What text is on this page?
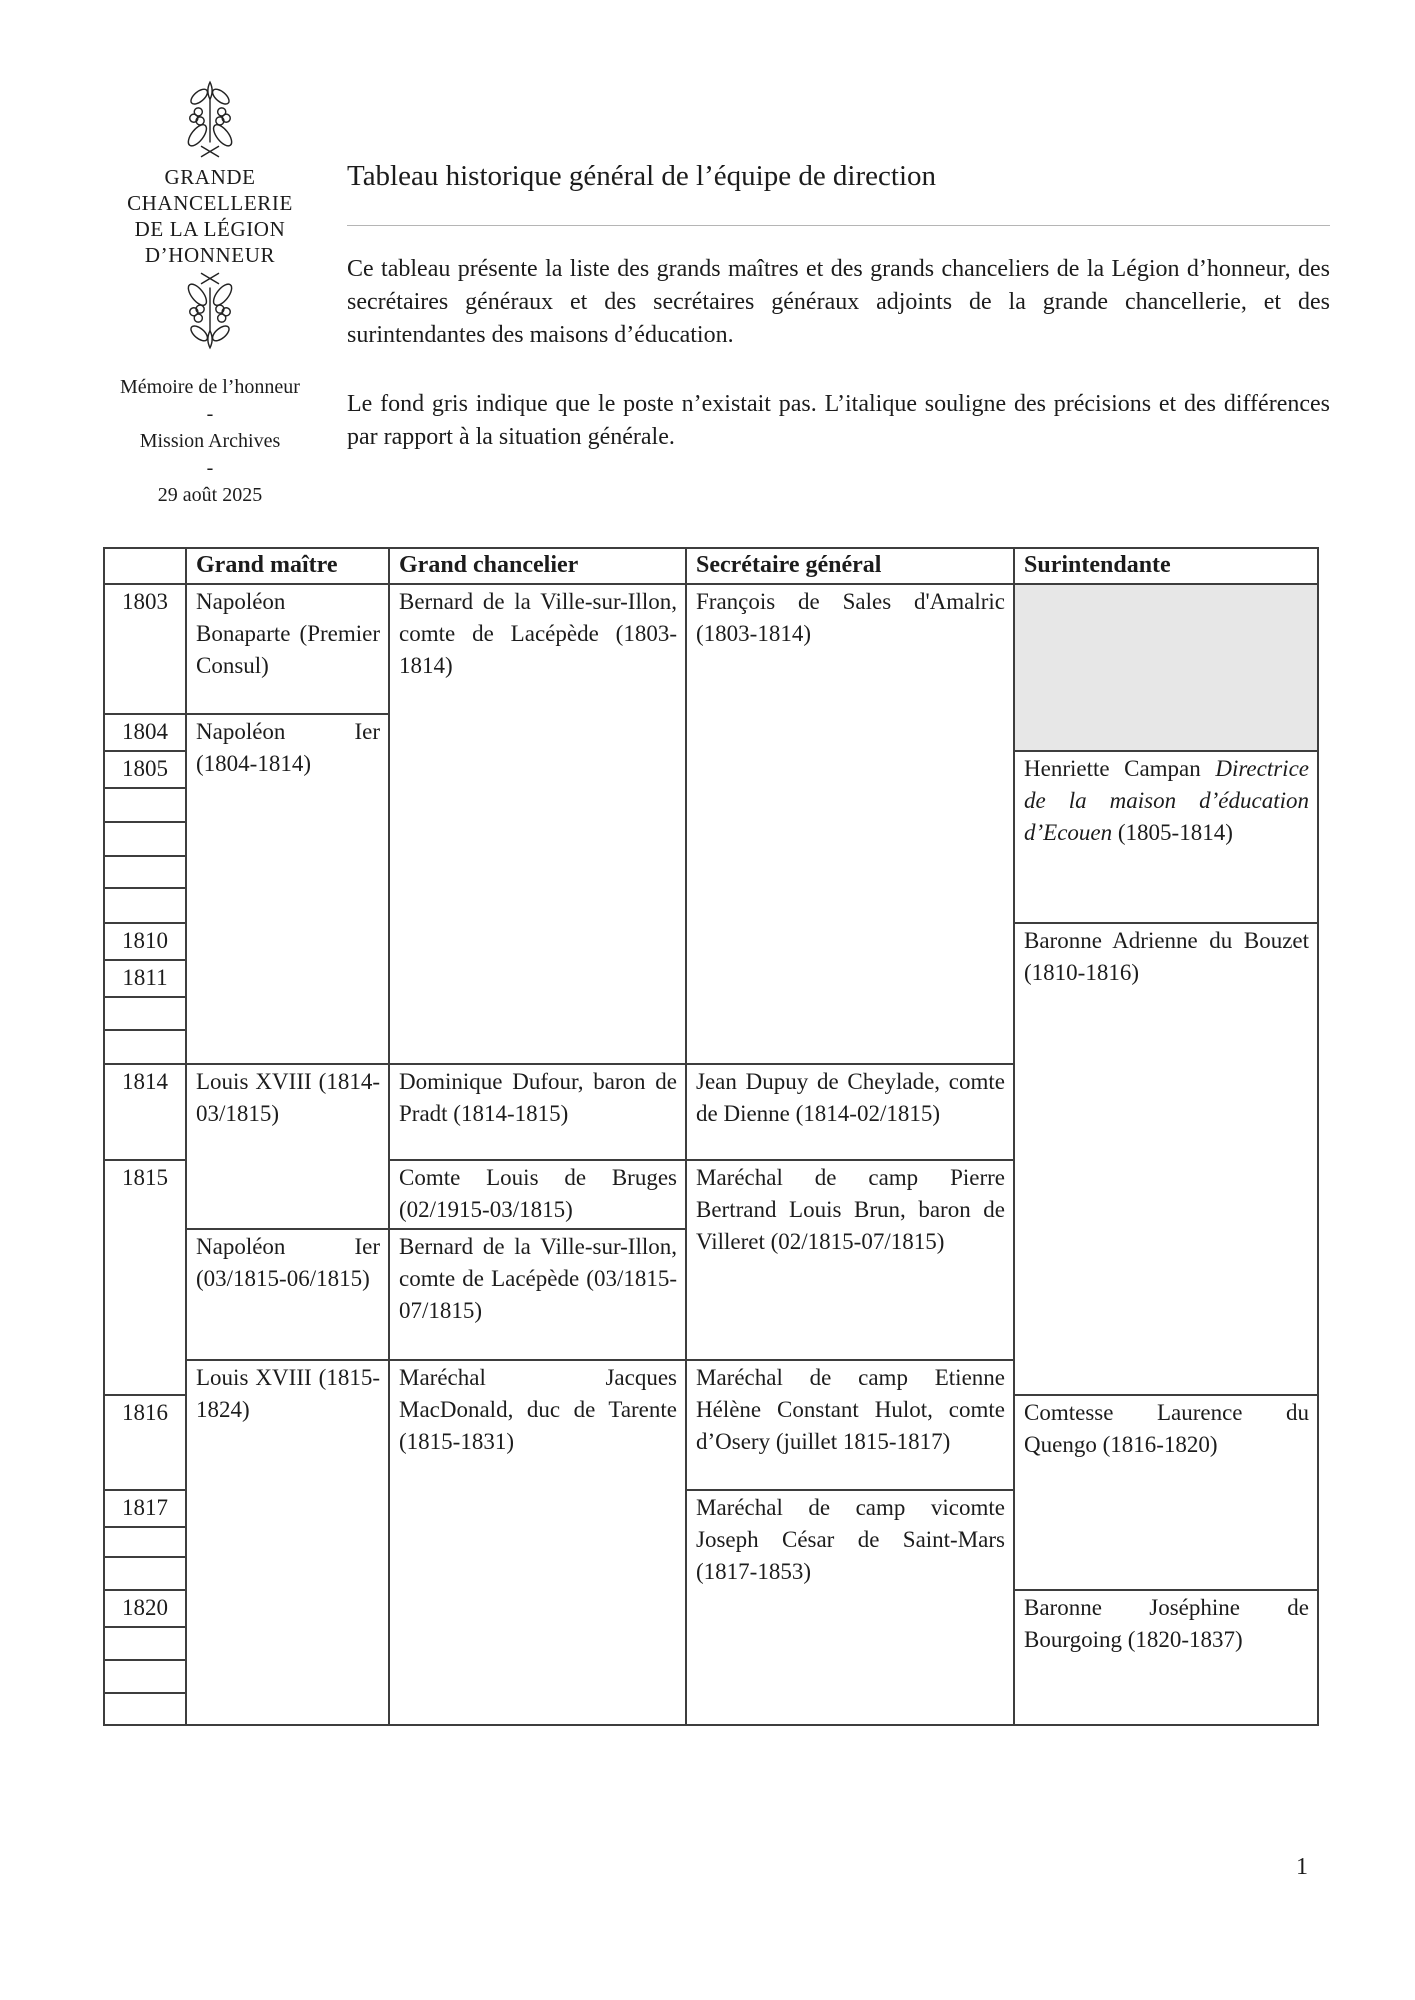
GRANDE
CHANCELLERIE
DE LA LÉGION
D’HONNEUR
Mémoire de l’honneur
-
Mission Archives
-
29 août 2025
Tableau historique général de l’équipe de direction

Ce tableau présente la liste des grands maîtres et des grands chanceliers de la Légion d’honneur, des secrétaires généraux et des secrétaires généraux adjoints de la grande chancellerie, et des surintendantes des maisons d’éducation.

Le fond gris indique que le poste n’existait pas. L’italique souligne des précisions et des différences par rapport à la situation générale.

	Grand maître	Grand chancelier	Secrétaire général	Surintendante
1803	Napoléon Bonaparte (Premier Consul)	Bernard de la Ville-sur-Illon, comte de Lacépède (1803-1814)	François de Sales d'Amalric (1803-1814)	
1804	Napoléon Ier (1804-1814)			
1805				Henriette Campan Directrice de la maison d’éducation d’Ecouen (1805-1814)

1810				Baronne Adrienne du Bouzet (1810-1816)
1811				

1814	Louis XVIII (1814-03/1815)	Dominique Dufour, baron de Pradt (1814-1815)	Jean Dupuy de Cheylade, comte de Dienne (1814-02/1815)	
1815		Comte Louis de Bruges (02/1915-03/1815)	Maréchal de camp Pierre Bertrand Louis Brun, baron de Villeret (02/1815-07/1815)	
	Napoléon Ier (03/1815-06/1815)	Bernard de la Ville-sur-Illon, comte de Lacépède (03/1815-07/1815)		
	Louis XVIII (1815-1824)	Maréchal Jacques MacDonald, duc de Tarente (1815-1831)	Maréchal de camp Etienne Hélène Constant Hulot, comte d’Osery (juillet 1815-1817)	
1816				Comtesse Laurence du Quengo (1816-1820)
1817			Maréchal de camp vicomte Joseph César de Saint-Mars (1817-1853)	

1820				Baronne Joséphine de Bourgoing (1820-1837)

1
